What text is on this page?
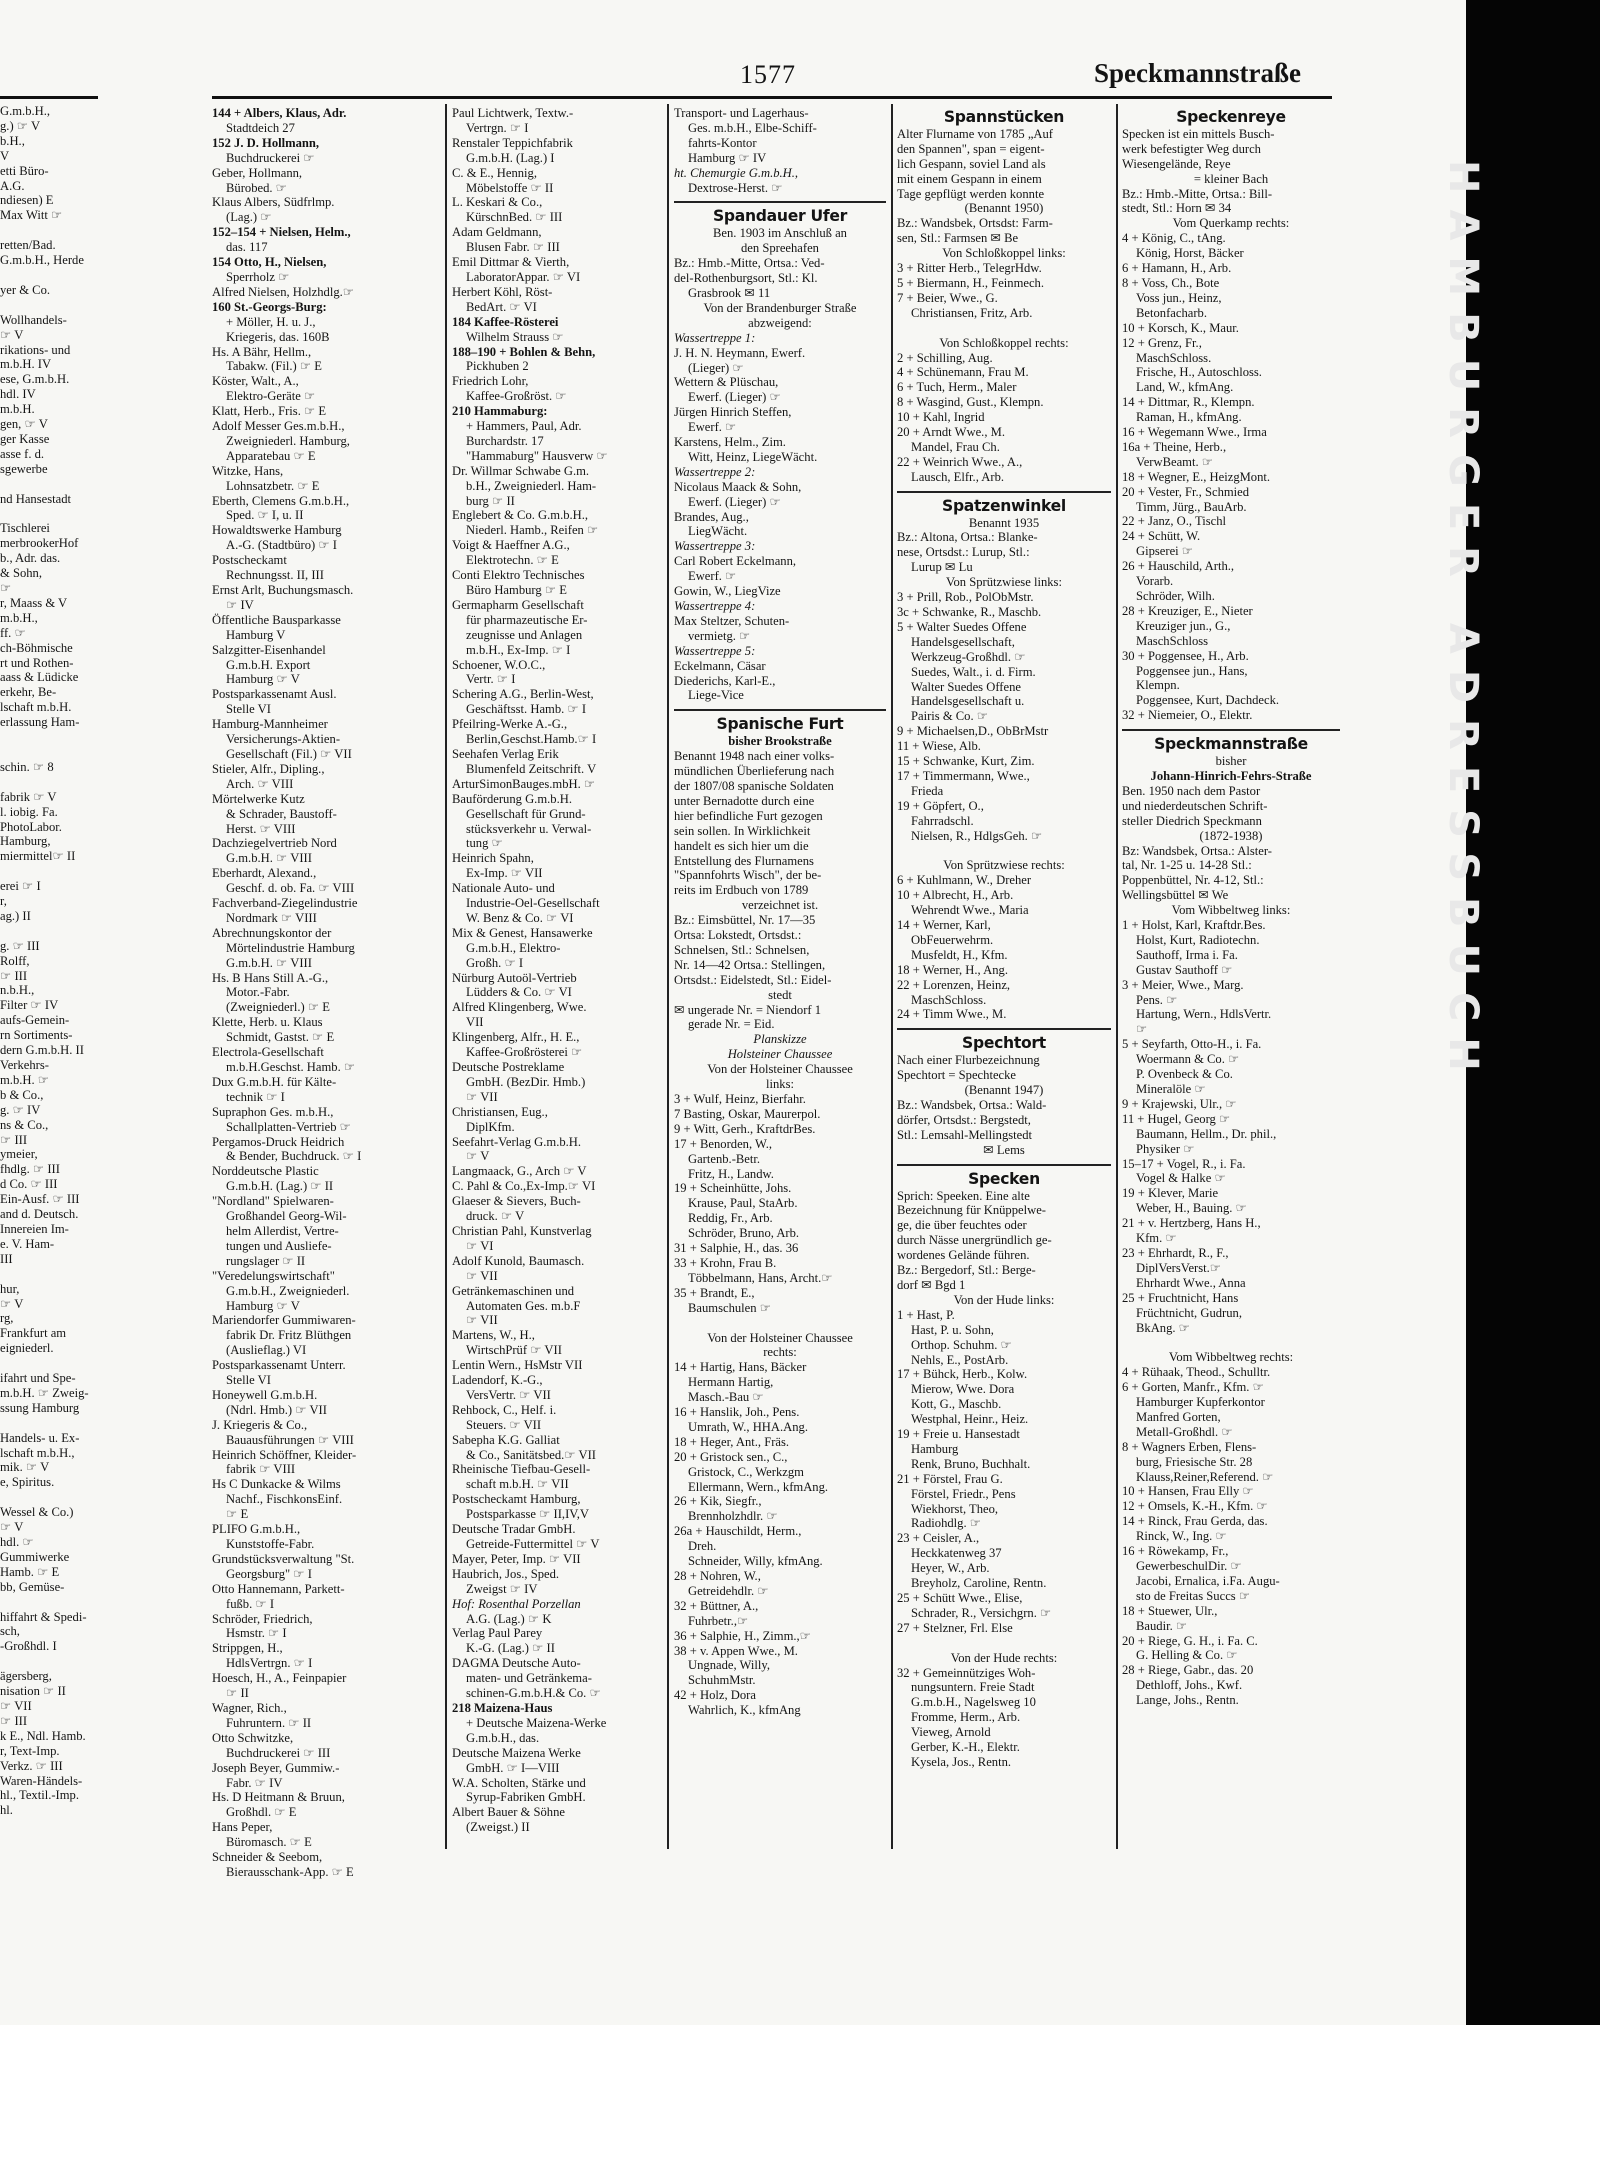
G.m.b.H.,
g.) ☞ V
b.H.,
V
etti Büro-
A.G.
ndiesen) E
Max Witt ☞

retten/Bad.
G.m.b.H., Herde

yer & Co.

Wollhandels-
☞ V
rikations- und
m.b.H. IV
ese, G.m.b.H.
hdl. IV
m.b.H.
gen, ☞ V
ger Kasse
asse f. d.
sgewerbe

nd Hansestadt

Tischlerei
merbrookerHof
b., Adr. das.
& Sohn,
☞
r, Maass & V
m.b.H.,
ff. ☞
ch-Böhmische
rt und Rothen-
aass & Lüdicke
erkehr, Be-
lschaft m.b.H.
erlassung Ham-

schin. ☞ 8

fabrik ☞ V
l. iobig. Fa.
PhotoLabor.
Hamburg,
miermittel☞ II

erei ☞ I
r,
ag.) II

g. ☞ III
Rolff,
☞ III
n.b.H.,
Filter ☞ IV
aufs-Gemein-
rn Sortiments-
dern G.m.b.H. II
Verkehrs-
m.b.H. ☞
b & Co.,
g. ☞ IV
ns & Co.,
☞ III
ymeier,
fhdlg. ☞ III
d Co. ☞ III
Ein-Ausf. ☞ III
and d. Deutsch.
Innereien Im-
e. V. Ham-
III

hur,
☞ V
rg,
Frankfurt am
eigniederl.

ifahrt und Spe-
m.b.H. ☞ Zweig-
ssung Hamburg

Handels- u. Ex-
lschaft m.b.H.,
mik. ☞ V
e, Spiritus.

Wessel & Co.)
☞ V
hdl. ☞
Gummiwerke
Hamb. ☞ E
bb, Gemüse-

hiffahrt & Spedi-
sch,
-Großhdl. I

ägersberg,
nisation ☞ II
☞ VII
☞ III
k E., Ndl. Hamb.
r, Text-Imp.
Verkz. ☞ III
Waren-Händels-
hl., Textil.-Imp.
hl.
1577	Speckmannstraße
144 + Albers, Klaus, Adr.
Stadtdeich 27
152 J. D. Hollmann,
Buchdruckerei ☞
Geber, Hollmann,
Bürobed. ☞
Klaus Albers, Südfrlmp.
(Lag.) ☞
152–154 + Nielsen, Helm.,
das. 117
154 Otto, H., Nielsen,
Sperrholz ☞
Alfred Nielsen, Holzhdlg.☞
160 St.-Georgs-Burg:
+ Möller, H. u. J.,
Kriegeris, das. 160B
Hs. A Bähr, Hellm.,
Tabakw. (Fil.) ☞ E
Köster, Walt., A.,
Elektro-Geräte ☞
Klatt, Herb., Fris. ☞ E
Adolf Messer Ges.m.b.H.,
Zweigniederl. Hamburg,
Apparatebau ☞ E
Witzke, Hans,
Lohnsatzbetr. ☞ E
Eberth, Clemens G.m.b.H.,
Sped. ☞ I, u. II
Howaldtswerke Hamburg
A.-G. (Stadtbüro) ☞ I
Postscheckamt
Rechnungsst. II, III
Ernst Arlt, Buchungsmasch.
☞ IV
Öffentliche Bausparkasse
Hamburg V
Salzgitter-Eisenhandel
G.m.b.H. Export
Hamburg ☞ V
Postsparkassenamt Ausl.
Stelle VI
Hamburg-Mannheimer
Versicherungs-Aktien-
Gesellschaft (Fil.) ☞ VII
Stieler, Alfr., Dipling.,
Arch. ☞ VIII
Mörtelwerke Kutz
& Schrader, Baustoff-
Herst. ☞ VIII
Dachziegelvertrieb Nord
G.m.b.H. ☞ VIII
Eberhardt, Alexand.,
Geschf. d. ob. Fa. ☞ VIII
Fachverband-Ziegelindustrie
Nordmark ☞ VIII
Abrechnungskontor der
Mörtelindustrie Hamburg
G.m.b.H. ☞ VIII
Hs. B Hans Still A.-G.,
Motor.-Fabr.
(Zweigniederl.) ☞ E
Klette, Herb. u. Klaus
Schmidt, Gastst. ☞ E
Electrola-Gesellschaft
m.b.H.Geschst. Hamb. ☞
Dux G.m.b.H. für Kälte-
technik ☞ I
Supraphon Ges. m.b.H.,
Schallplatten-Vertrieb ☞
Pergamos-Druck Heidrich
& Bender, Buchdruck. ☞ I
Norddeutsche Plastic
G.m.b.H. (Lag.) ☞ II
"Nordland" Spielwaren-
Großhandel Georg-Wil-
helm Allerdist, Vertre-
tungen und Ausliefe-
rungslager ☞ II
"Veredelungswirtschaft"
G.m.b.H., Zweigniederl.
Hamburg ☞ V
Mariendorfer Gummiwaren-
fabrik Dr. Fritz Blüthgen
(Auslieflag.) VI
Postsparkassenamt Unterr.
Stelle VI
Honeywell G.m.b.H.
(Ndrl. Hmb.) ☞ VII
J. Kriegeris & Co.,
Bauausführungen ☞ VIII
Heinrich Schöffner, Kleider-
fabrik ☞ VIII
Hs C Dunkacke & Wilms
Nachf., FischkonsEinf.
☞ E
PLIFO G.m.b.H.,
Kunststoffe-Fabr.
Grundstücksverwaltung "St.
Georgsburg" ☞ I
Otto Hannemann, Parkett-
fußb. ☞ I
Schröder, Friedrich,
Hsmstr. ☞ I
Strippgen, H.,
HdlsVertrgn. ☞ I
Hoesch, H., A., Feinpapier
☞ II
Wagner, Rich.,
Fuhruntern. ☞ II
Otto Schwitzke,
Buchdruckerei ☞ III
Joseph Beyer, Gummiw.-
Fabr. ☞ IV
Hs. D Heitmann & Bruun,
Großhdl. ☞ E
Hans Peper,
Büromasch. ☞ E
Schneider & Seebom,
Bierausschank-App. ☞ E
Paul Lichtwerk, Textw.-
Vertrgn. ☞ I
Renstaler Teppichfabrik
G.m.b.H. (Lag.) I
C. & E., Hennig,
Möbelstoffe ☞ II
L. Keskari & Co.,
KürschnBed. ☞ III
Adam Geldmann,
Blusen Fabr. ☞ III
Emil Dittmar & Vierth,
LaboratorAppar. ☞ VI
Herbert Köhl, Röst-
BedArt. ☞ VI
184 Kaffee-Rösterei
Wilhelm Strauss ☞
188–190 + Bohlen & Behn,
Pickhuben 2
Friedrich Lohr,
Kaffee-Großröst. ☞
210 Hammaburg:
+ Hammers, Paul, Adr.
Burchardstr. 17
"Hammaburg" Hausverw ☞
Dr. Willmar Schwabe G.m.
b.H., Zweigniederl. Ham-
burg ☞ II
Englebert & Co. G.m.b.H.,
Niederl. Hamb., Reifen ☞
Voigt & Haeffner A.G.,
Elektrotechn. ☞ E
Conti Elektro Technisches
Büro Hamburg ☞ E
Germapharm Gesellschaft
für pharmazeutische Er-
zeugnisse und Anlagen
m.b.H., Ex-Imp. ☞ I
Schoener, W.O.C.,
Vertr. ☞ I
Schering A.G., Berlin-West,
Geschäftsst. Hamb. ☞ I
Pfeilring-Werke A.-G.,
Berlin,Geschst.Hamb.☞ I
Seehafen Verlag Erik
Blumenfeld Zeitschrift. V
ArturSimonBauges.mbH. ☞
Bauförderung G.m.b.H.
Gesellschaft für Grund-
stücksverkehr u. Verwal-
tung ☞
Heinrich Spahn,
Ex-Imp. ☞ VII
Nationale Auto- und
Industrie-Oel-Gesellschaft
W. Benz & Co. ☞ VI
Mix & Genest, Hansawerke
G.m.b.H., Elektro-
Großh. ☞ I
Nürburg Autoöl-Vertrieb
Lüdders & Co. ☞ VI
Alfred Klingenberg, Wwe.
VII
Klingenberg, Alfr., H. E.,
Kaffee-Großrösterei ☞
Deutsche Postreklame
GmbH. (BezDir. Hmb.)
☞ VII
Christiansen, Eug.,
DiplKfm.
Seefahrt-Verlag G.m.b.H.
☞ V
Langmaack, G., Arch ☞ V
C. Pahl & Co.,Ex-Imp.☞ VI
Glaeser & Sievers, Buch-
druck. ☞ V
Christian Pahl, Kunstverlag
☞ VI
Adolf Kunold, Baumasch.
☞ VII
Getränkemaschinen und
Automaten Ges. m.b.F
☞ VII
Martens, W., H.,
WirtschPrüf ☞ VII
Lentin Wern., HsMstr VII
Ladendorf, K.-G.,
VersVertr. ☞ VII
Rehbock, C., Helf. i.
Steuers. ☞ VII
Sabepha K.G. Galliat
& Co., Sanitätsbed.☞ VII
Rheinische Tiefbau-Gesell-
schaft m.b.H. ☞ VII
Postscheckamt Hamburg,
Postsparkasse ☞ II,IV,V
Deutsche Tradar GmbH.
Getreide-Futtermittel ☞ V
Mayer, Peter, Imp. ☞ VII
Haubrich, Jos., Sped.
Zweigst ☞ IV
Hof: Rosenthal Porzellan
A.G. (Lag.) ☞ K
Verlag Paul Parey
K.-G. (Lag.) ☞ II
DAGMA Deutsche Auto-
maten- und Getränkema-
schinen-G.m.b.H.& Co. ☞
218 Maizena-Haus
+ Deutsche Maizena-Werke
G.m.b.H., das.
Deutsche Maizena Werke
GmbH. ☞ I—VIII
W.A. Scholten, Stärke und
Syrup-Fabriken GmbH.
Albert Bauer & Söhne
(Zweigst.) II
Transport- und Lagerhaus-
Ges. m.b.H., Elbe-Schiff-
fahrts-Kontor
Hamburg ☞ IV
ht. Chemurgie G.m.b.H.,
Dextrose-Herst. ☞
Spandauer Ufer
Ben. 1903 im Anschluß an
den Spreehafen
Bz.: Hmb.-Mitte, Ortsa.: Ved-
del-Rothenburgsort, Stl.: Kl.
Grasbrook ✉ 11
Von der Brandenburger Straße
abzweigend:
Wassertreppe 1:
J. H. N. Heymann, Ewerf.
(Lieger) ☞
Wettern & Plüschau,
Ewerf. (Lieger) ☞
Jürgen Hinrich Steffen,
Ewerf. ☞
Karstens, Helm., Zim.
Witt, Heinz, LiegeWächt.
Wassertreppe 2:
Nicolaus Maack & Sohn,
Ewerf. (Lieger) ☞
Brandes, Aug.,
LiegWächt.
Wassertreppe 3:
Carl Robert Eckelmann,
Ewerf. ☞
Gowin, W., LiegVize
Wassertreppe 4:
Max Steltzer, Schuten-
vermietg. ☞
Wassertreppe 5:
Eckelmann, Cäsar
Diederichs, Karl-E.,
Liege-Vice
Spanische Furt
bisher Brookstraße
Benannt 1948 nach einer volks-
mündlichen Überlieferung nach
der 1807/08 spanische Soldaten
unter Bernadotte durch eine
hier befindliche Furt gezogen
sein sollen. In Wirklichkeit
handelt es sich hier um die
Entstellung des Flurnamens
"Spannfohrts Wisch", der be-
reits im Erdbuch von 1789
verzeichnet ist.
Bz.: Eimsbüttel, Nr. 17—35
Ortsa: Lokstedt, Ortsdst.:
Schnelsen, Stl.: Schnelsen,
Nr. 14—42 Ortsa.: Stellingen,
Ortsdst.: Eidelstedt, Stl.: Eidel-
stedt
✉ ungerade Nr. = Niendorf 1
gerade Nr. = Eid.
Planskizze
Holsteiner Chaussee
Von der Holsteiner Chaussee
links:
3 + Wulf, Heinz, Bierfahr.
7 Basting, Oskar, Maurerpol.
9 + Witt, Gerh., KraftdrBes.
17 + Benorden, W.,
Gartenb.-Betr.
Fritz, H., Landw.
19 + Scheinhütte, Johs.
Krause, Paul, StaArb.
Reddig, Fr., Arb.
Schröder, Bruno, Arb.
31 + Salphie, H., das. 36
33 + Krohn, Frau B.
Többelmann, Hans, Archt.☞
35 + Brandt, E.,
Baumschulen ☞

Von der Holsteiner Chaussee
rechts:
14 + Hartig, Hans, Bäcker
Hermann Hartig,
Masch.-Bau ☞
16 + Hanslik, Joh., Pens.
Umrath, W., HHA.Ang.
18 + Heger, Ant., Fräs.
20 + Gristock sen., C.,
Gristock, C., Werkzgm
Ellermann, Wern., kfmAng.
26 + Kik, Siegfr.,
Brennholzhdlr. ☞
26a + Hauschildt, Herm.,
Dreh.
Schneider, Willy, kfmAng.
28 + Nohren, W.,
Getreidehdlr. ☞
32 + Büttner, A.,
Fuhrbetr.,☞
36 + Salphie, H., Zimm.,☞
38 + v. Appen Wwe., M.
Ungnade, Willy,
SchuhmMstr.
42 + Holz, Dora
Wahrlich, K., kfmAng
Spannstücken
Alter Flurname von 1785 „Auf
den Spannen", span = eigent-
lich Gespann, soviel Land als
mit einem Gespann in einem
Tage gepflügt werden konnte
(Benannt 1950)
Bz.: Wandsbek, Ortsdst: Farm-
sen, Stl.: Farmsen ✉ Be
Von Schloßkoppel links:
3 + Ritter Herb., TelegrHdw.
5 + Biermann, H., Feinmech.
7 + Beier, Wwe., G.
Christiansen, Fritz, Arb.

Von Schloßkoppel rechts:
2 + Schilling, Aug.
4 + Schünemann, Frau M.
6 + Tuch, Herm., Maler
8 + Wasgind, Gust., Klempn.
10 + Kahl, Ingrid
20 + Arndt Wwe., M.
Mandel, Frau Ch.
22 + Weinrich Wwe., A.,
Lausch, Elfr., Arb.
Spatzenwinkel
Benannt 1935
Bz.: Altona, Ortsa.: Blanke-
nese, Ortsdst.: Lurup, Stl.:
Lurup ✉ Lu
Von Sprützwiese links:
3 + Prill, Rob., PolObMstr.
3c + Schwanke, R., Maschb.
5 + Walter Suedes Offene
Handelsgesellschaft,
Werkzeug-Großhdl. ☞
Suedes, Walt., i. d. Firm.
Walter Suedes Offene
Handelsgesellschaft u.
Pairis & Co. ☞
9 + Michaelsen,D., ObBrMstr
11 + Wiese, Alb.
15 + Schwanke, Kurt, Zim.
17 + Timmermann, Wwe.,
Frieda
19 + Göpfert, O.,
Fahrradschl.
Nielsen, R., HdlgsGeh. ☞

Von Sprützwiese rechts:
6 + Kuhlmann, W., Dreher
10 + Albrecht, H., Arb.
Wehrendt Wwe., Maria
14 + Werner, Karl,
ObFeuerwehrm.
Musfeldt, H., Kfm.
18 + Werner, H., Ang.
22 + Lorenzen, Heinz,
MaschSchloss.
24 + Timm Wwe., M.
Spechtort
Nach einer Flurbezeichnung
Spechtort = Spechtecke
(Benannt 1947)
Bz.: Wandsbek, Ortsa.: Wald-
dörfer, Ortsdst.: Bergstedt,
Stl.: Lemsahl-Mellingstedt
✉ Lems
Specken
Sprich: Speeken. Eine alte
Bezeichnung für Knüppelwe-
ge, die über feuchtes oder
durch Nässe unergründlich ge-
wordenes Gelände führen.
Bz.: Bergedorf, Stl.: Berge-
dorf ✉ Bgd 1
Von der Hude links:
1 + Hast, P.
Hast, P. u. Sohn,
Orthop. Schuhm. ☞
Nehls, E., PostArb.
17 + Bühck, Herb., Kolw.
Mierow, Wwe. Dora
Kott, G., Maschb.
Westphal, Heinr., Heiz.
19 + Freie u. Hansestadt
Hamburg
Renk, Bruno, Buchhalt.
21 + Förstel, Frau G.
Förstel, Friedr., Pens
Wiekhorst, Theo,
Radiohdlg. ☞
23 + Ceisler, A.,
Heckkatenweg 37
Heyer, W., Arb.
Breyholz, Caroline, Rentn.
25 + Schütt Wwe., Elise,
Schrader, R., Versichgrn. ☞
27 + Stelzner, Frl. Else

Von der Hude rechts:
32 + Gemeinnütziges Woh-
nungsuntern. Freie Stadt
G.m.b.H., Nagelsweg 10
Fromme, Herm., Arb.
Vieweg, Arnold
Gerber, K.-H., Elektr.
Kysela, Jos., Rentn.
Speckenreye
Specken ist ein mittels Busch-
werk befestigter Weg durch
Wiesengelände, Reye
= kleiner Bach
Bz.: Hmb.-Mitte, Ortsa.: Bill-
stedt, Stl.: Horn ✉ 34
Vom Querkamp rechts:
4 + König, C., tAng.
König, Horst, Bäcker
6 + Hamann, H., Arb.
8 + Voss, Ch., Bote
Voss jun., Heinz,
Betonfacharb.
10 + Korsch, K., Maur.
12 + Grenz, Fr.,
MaschSchloss.
Frische, H., Autoschloss.
Land, W., kfmAng.
14 + Dittmar, R., Klempn.
Raman, H., kfmAng.
16 + Wegemann Wwe., Irma
16a + Theine, Herb.,
VerwBeamt. ☞
18 + Wegner, E., HeizgMont.
20 + Vester, Fr., Schmied
Timm, Jürg., BauArb.
22 + Janz, O., Tischl
24 + Schütt, W.
Gipserei ☞
26 + Hauschild, Arth.,
Vorarb.
Schröder, Wilh.
28 + Kreuziger, E., Nieter
Kreuziger jun., G.,
MaschSchloss
30 + Poggensee, H., Arb.
Poggensee jun., Hans,
Klempn.
Poggensee, Kurt, Dachdeck.
32 + Niemeier, O., Elektr.
Speckmannstraße
bisher
Johann-Hinrich-Fehrs-Straße
Ben. 1950 nach dem Pastor
und niederdeutschen Schrift-
steller Diedrich Speckmann
(1872-1938)
Bz: Wandsbek, Ortsa.: Alster-
tal, Nr. 1-25 u. 14-28 Stl.:
Poppenbüttel, Nr. 4-12, Stl.:
Wellingsbüttel ✉ We
Vom Wibbeltweg links:
1 + Holst, Karl, Kraftdr.Bes.
Holst, Kurt, Radiotechn.
Sauthoff, Irma i. Fa.
Gustav Sauthoff ☞
3 + Meier, Wwe., Marg.
Pens. ☞
Hartung, Wern., HdlsVertr.
☞
5 + Seyfarth, Otto-H., i. Fa.
Woermann & Co. ☞
P. Ovenbeck & Co.
Mineralöle ☞
9 + Krajewski, Ulr., ☞
11 + Hugel, Georg ☞
Baumann, Hellm., Dr. phil.,
Physiker ☞
15–17 + Vogel, R., i. Fa.
Vogel & Halke ☞
19 + Klever, Marie
Weber, H., Bauing. ☞
21 + v. Hertzberg, Hans H.,
Kfm. ☞
23 + Ehrhardt, R., F.,
DiplVersVerst.☞
Ehrhardt Wwe., Anna
25 + Fruchtnicht, Hans
Früchtnicht, Gudrun,
BkAng. ☞

Vom Wibbeltweg rechts:
4 + Rühaak, Theod., Schulltr.
6 + Gorten, Manfr., Kfm. ☞
Hamburger Kupferkontor
Manfred Gorten,
Metall-Großhdl. ☞
8 + Wagners Erben, Flens-
burg, Friesische Str. 28
Klauss,Reiner,Referend. ☞
10 + Hansen, Frau Elly ☞
12 + Omsels, K.-H., Kfm. ☞
14 + Rinck, Frau Gerda, das.
Rinck, W., Ing. ☞
16 + Röwekamp, Fr.,
GewerbeschulDir. ☞
Jacobi, Ernalica, i.Fa. Augu-
sto de Freitas Succs ☞
18 + Stuewer, Ulr.,
Baudir. ☞
20 + Riege, G. H., i. Fa. C.
G. Helling & Co. ☞
28 + Riege, Gabr., das. 20
Dethloff, Johs., Kwf.
Lange, Johs., Rentn.
HAMBURGER ADRESSBUCH
